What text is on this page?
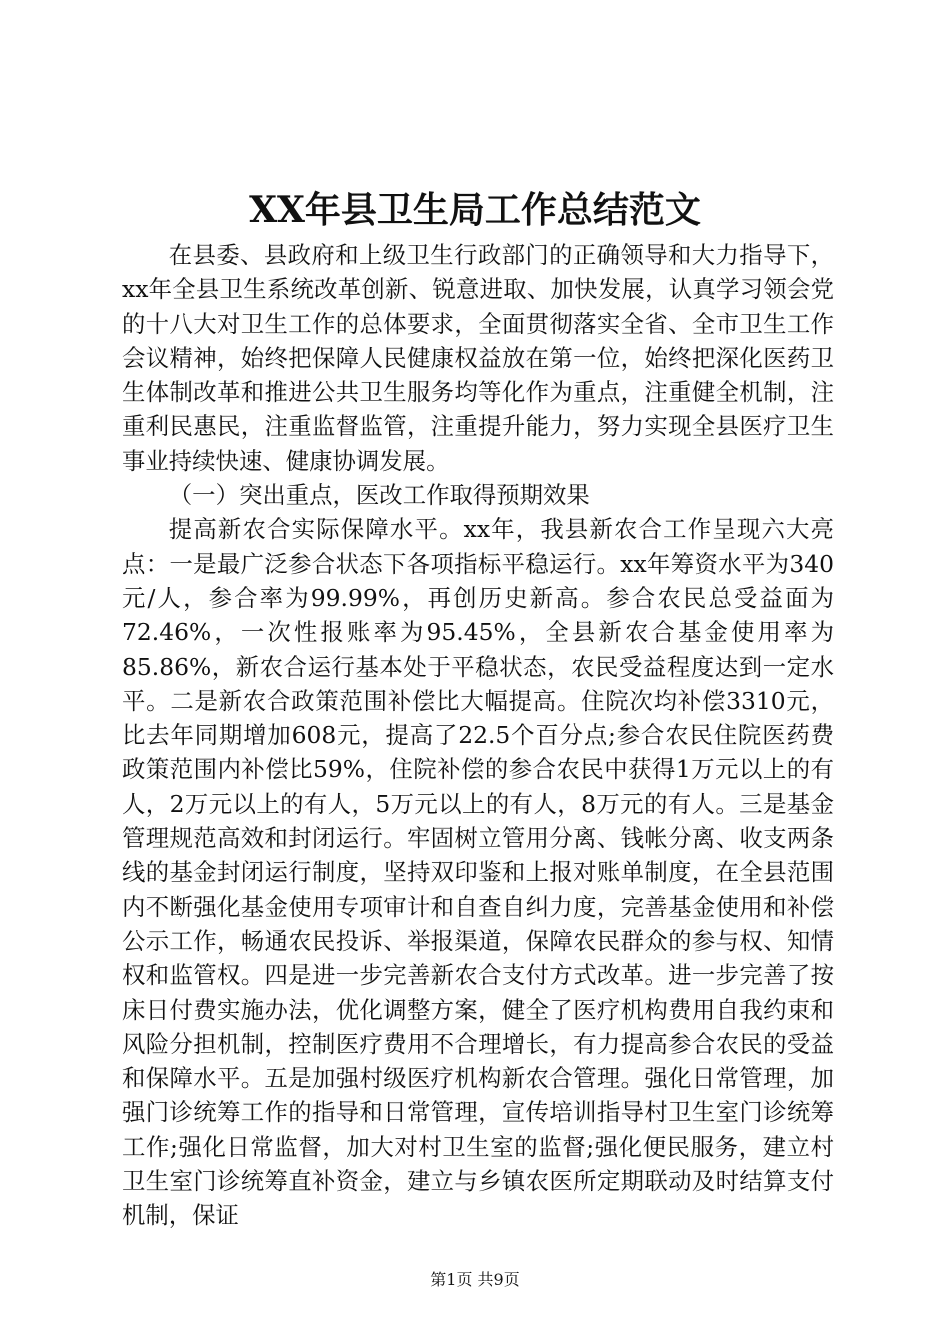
XX年县卫生局工作总结范文

在县委、县政府和上级卫生行政部门的正确领导和大力指导下，xx年全县卫生系统改革创新、锐意进取、加快发展，认真学习领会党的十八大对卫生工作的总体要求，全面贯彻落实全省、全市卫生工作会议精神，始终把保障人民健康权益放在第一位，始终把深化医药卫生体制改革和推进公共卫生服务均等化作为重点，注重健全机制，注重利民惠民，注重监督监管，注重提升能力，努力实现全县医疗卫生事业持续快速、健康协调发展。

（一）突出重点，医改工作取得预期效果

提高新农合实际保障水平。xx年，我县新农合工作呈现六大亮点：一是最广泛参合状态下各项指标平稳运行。xx年筹资水平为340元/人，参合率为99.99%，再创历史新高。参合农民总受益面为72.46%，一次性报账率为95.45%，全县新农合基金使用率为85.86%，新农合运行基本处于平稳状态，农民受益程度达到一定水平。二是新农合政策范围补偿比大幅提高。住院次均补偿3310元，比去年同期增加608元，提高了22.5个百分点;参合农民住院医药费政策范围内补偿比59%，住院补偿的参合农民中获得1万元以上的有人，2万元以上的有人，5万元以上的有人，8万元的有人。三是基金管理规范高效和封闭运行。牢固树立管用分离、钱帐分离、收支两条线的基金封闭运行制度，坚持双印鉴和上报对账单制度，在全县范围内不断强化基金使用专项审计和自查自纠力度，完善基金使用和补偿公示工作，畅通农民投诉、举报渠道，保障农民群众的参与权、知情权和监管权。四是进一步完善新农合支付方式改革。进一步完善了按床日付费实施办法，优化调整方案，健全了医疗机构费用自我约束和风险分担机制，控制医疗费用不合理增长，有力提高参合农民的受益和保障水平。五是加强村级医疗机构新农合管理。强化日常管理，加强门诊统筹工作的指导和日常管理，宣传培训指导村卫生室门诊统筹工作;强化日常监督，加大对村卫生室的监督;强化便民服务，建立村卫生室门诊统筹直补资金，建立与乡镇农医所定期联动及时结算支付机制，保证

第1页 共9页
